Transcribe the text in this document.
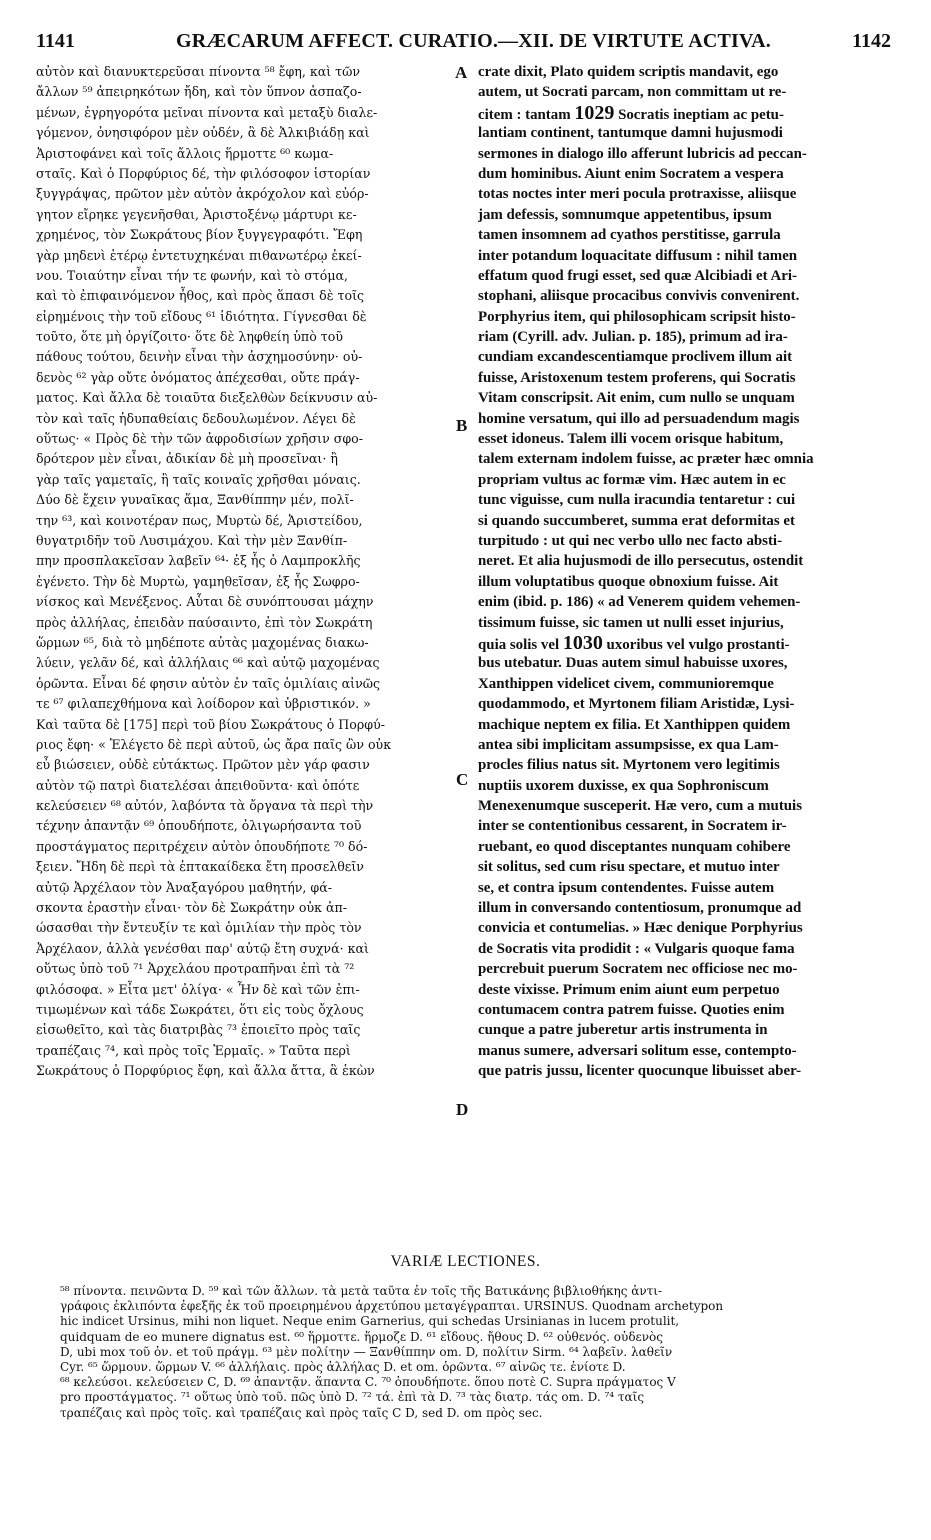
1141	GRÆCARUM AFFECT. CURATIO.—XII. DE VIRTUTE ACTIVA.	1142
αὐτὸν καὶ διανυκτερεῦσαι πίνοντα ⁵⁸ ἔφη, καὶ τῶν
ἄλλων ⁵⁹ ἀπειρηκότων ἤδη, καὶ τὸν ὕπνον ἀσπαζο-
μένων, ἐγρηγορότα μεῖναι πίνοντα καὶ μεταξὺ διαλε-
γόμενον, ὀνησιφόρον μὲν οὐδέν, ἃ δὲ Ἀλκιβιάδῃ καὶ
Ἀριστοφάνει καὶ τοῖς ἄλλοις ἥρμοττε ⁶⁰ κωμα-
σταῖς. Καὶ ὁ Πορφύριος δέ, τὴν φιλόσοφον ἱστορίαν
ξυγγράψας, πρῶτον μὲν αὐτὸν ἀκρόχολον καὶ εὐόρ-
γητον εἴρηκε γεγενῆσθαι, Ἀριστοξένῳ μάρτυρι κε-
χρημένος, τὸν Σωκράτους βίον ξυγγεγραφότι. Ἔφη
γὰρ μηδενὶ ἑτέρῳ ἐντετυχηκέναι πιθανωτέρῳ ἐκεί-
νου. Τοιαύτην εἶναι τήν τε φωνήν, καὶ τὸ στόμα,
καὶ τὸ ἐπιφαινόμενον ἦθος, καὶ πρὸς ἅπασι δὲ τοῖς
εἰρημένοις τὴν τοῦ εἴδους ⁶¹ ἰδιότητα. Γίγνεσθαι δὲ
τοῦτο, ὅτε μὴ ὀργίζοιτο· ὅτε δὲ ληφθείη ὑπὸ τοῦ
πάθους τούτου, δεινὴν εἶναι τὴν ἀσχημοσύνην· οὐ-
δενὸς ⁶² γὰρ οὔτε ὀνόματος ἀπέχεσθαι, οὔτε πράγ-
ματος. Καὶ ἄλλα δὲ τοιαῦτα διεξελθὼν δείκνυσιν αὐ-
τὸν καὶ ταῖς ἡδυπαθείαις δεδουλωμένον. Λέγει δὲ
οὕτως· « Πρὸς δὲ τὴν τῶν ἀφροδισίων χρῆσιν σφο-
δρότερον μὲν εἶναι, ἀδικίαν δὲ μὴ προσεῖναι· ἢ
γὰρ ταῖς γαμεταῖς, ἢ ταῖς κοιναῖς χρῆσθαι μόναις.
Δύο δὲ ἔχειν γυναῖκας ἅμα, Ξανθίππην μέν, πολῖ-
την ⁶³, καὶ κοινοτέραν πως, Μυρτὼ δέ, Ἀριστείδου,
θυγατριδῆν τοῦ Λυσιμάχου. Καὶ τὴν μὲν Ξανθίπ-
πην προσπλακεῖσαν λαβεῖν ⁶⁴· ἐξ ἧς ὁ Λαμπροκλῆς
ἐγένετο. Τὴν δὲ Μυρτὼ, γαμηθεῖσαν, ἐξ ἧς Σωφρο-
νίσκος καὶ Μενέξενος. Αὗται δὲ συνόπτουσαι μάχην
πρὸς ἀλλήλας, ἐπειδὰν παύσαιντο, ἐπὶ τὸν Σωκράτη
ὥρμων ⁶⁵, διὰ τὸ μηδέποτε αὐτὰς μαχομένας διακω-
λύειν, γελᾶν δέ, καὶ ἀλλήλαις ⁶⁶ καὶ αὐτῷ μαχομένας
ὁρῶντα. Εἶναι δέ φησιν αὐτὸν ἐν ταῖς ὁμιλίαις αἰνῶς
τε ⁶⁷ φιλαπεχθήμονα καὶ λοίδορον καὶ ὑβριστικόν. »
Καὶ ταῦτα δὲ [175] περὶ τοῦ βίου Σωκράτους ὁ Πορφύ-
ριος ἔφη· « Ἐλέγετο δὲ περὶ αὐτοῦ, ὡς ἄρα παῖς ὢν οὐκ
εὖ βιώσειεν, οὐδὲ εὐτάκτως. Πρῶτον μὲν γάρ φασιν
αὐτὸν τῷ πατρὶ διατελέσαι ἀπειθοῦντα· καὶ ὁπότε
κελεύσειεν ⁶⁸ αὐτόν, λαβόντα τὰ ὄργανα τὰ περὶ τὴν
τέχνην ἀπαντᾷν ⁶⁹ ὁπουδήποτε, ὀλιγωρήσαντα τοῦ
προστάγματος περιτρέχειν αὐτὸν ὁπουδήποτε ⁷⁰ δό-
ξειεν. Ἤδη δὲ περὶ τὰ ἑπτακαίδεκα ἔτη προσελθεῖν
αὐτῷ Ἀρχέλαον τὸν Ἀναξαγόρου μαθητήν, φά-
σκοντα ἐραστὴν εἶναι· τὸν δὲ Σωκράτην οὐκ ἀπ-
ώσασθαι τὴν ἔντευξίν τε καὶ ὁμιλίαν τὴν πρὸς τὸν
Ἀρχέλαον, ἀλλὰ γενέσθαι παρ' αὐτῷ ἔτη συχνά· καὶ
οὕτως ὑπὸ τοῦ ⁷¹ Ἀρχελάου προτραπῆναι ἐπὶ τὰ ⁷²
φιλόσοφα. » Εἶτα μετ' ὀλίγα· « Ἦν δὲ καὶ τῶν ἐπι-
τιμωμένων καὶ τάδε Σωκράτει, ὅτι εἰς τοὺς ὄχλους
εἰσωθεῖτο, καὶ τὰς διατριβὰς ⁷³ ἐποιεῖτο πρὸς ταῖς
τραπέζαις ⁷⁴, καὶ πρὸς τοῖς Ἑρμαῖς. » Ταῦτα περὶ
Σωκράτους ὁ Πορφύριος ἔφη, καὶ ἄλλα ἄττα, ἃ ἑκὼν
A
B
C
D
crate dixit, Plato quidem scriptis mandavit, ego
autem, ut Socrati parcam, non committam ut re-
citem : tantam 1029 Socratis ineptiam ac petu-
lantiam continent, tantumque damni hujusmodi
sermones in dialogo illo afferunt lubricis ad peccan-
dum hominibus. Aiunt enim Socratem a vespera
totas noctes inter meri pocula protraxisse, aliisque
jam defessis, somnumque appetentibus, ipsum
tamen insomnem ad cyathos perstitisse, garrula
inter potandum loquacitate diffusum : nihil tamen
effatum quod frugi esset, sed quæ Alcibiadi et Ari-
stophani, aliisque procacibus convivis convenirent.
Porphyrius item, qui philosophicam scripsit histo-
riam (Cyrill. adv. Julian. p. 185), primum ad ira-
cundiam excandescentiamque proclivem illum ait
fuisse, Aristoxenum testem proferens, qui Socratis
Vitam conscripsit. Ait enim, cum nullo se unquam
homine versatum, qui illo ad persuadendum magis
esset idoneus. Talem illi vocem orisque habitum,
talem externam indolem fuisse, ac præter hæc omnia
propriam vultus ac formæ vim. Hæc autem in ec
tunc viguisse, cum nulla iracundia tentaretur : cui
si quando succumberet, summa erat deformitas et
turpitudo : ut qui nec verbo ullo nec facto absti-
neret. Et alia hujusmodi de illo persecutus, ostendit
illum voluptatibus quoque obnoxium fuisse. Ait
enim (ibid. p. 186) « ad Venerem quidem vehemen-
tissimum fuisse, sic tamen ut nulli esset injurius,
quia solis vel 1030 uxoribus vel vulgo prostanti-
bus utebatur. Duas autem simul habuisse uxores,
Xanthippen videlicet civem, communioremque
quodammodo, et Myrtonem filiam Aristidæ, Lysi-
machique neptem ex filia. Et Xanthippen quidem
antea sibi implicitam assumpsisse, ex qua Lam-
procles filius natus sit. Myrtonem vero legitimis
nuptiis uxorem duxisse, ex qua Sophroniscum
Menexenumque susceperit. Hæ vero, cum a mutuis
inter se contentionibus cessarent, in Socratem ir-
ruebant, eo quod disceptantes nunquam cohibere
sit solitus, sed cum risu spectare, et mutuo inter
se, et contra ipsum contendentes. Fuisse autem
illum in conversando contentiosum, pronumque ad
convicia et contumelias. » Hæc denique Porphyrius
de Socratis vita prodidit : « Vulgaris quoque fama
percrebuit puerum Socratem nec officiose nec mo-
deste vixisse. Primum enim aiunt eum perpetuo
contumacem contra patrem fuisse. Quoties enim
cunque a patre juberetur artis instrumenta in
manus sumere, adversari solitum esse, contempto-
que patris jussu, licenter quocunque libuisset aber-
VARIÆ LECTIONES.
⁵⁸ πίνοντα. πεινῶντα D. ⁵⁹ καὶ τῶν ἄλλων. τὰ μετὰ ταῦτα ἐν τοῖς τῆς Βατικάνης βιβλιοθήκης ἀντι-
γράφοις ἐκλιπόντα ἐφεξῆς ἐκ τοῦ προειρημένου ἀρχετύπου μεταγέγραπται. URSINUS. Quodnam archetypon
hic indicet Ursinus, mihi non liquet. Neque enim Garnerius, qui schedas Ursinianas in lucem protulit,
quidquam de eo munere dignatus est. ⁶⁰ ἥρμοττε. ἥρμοζε D. ⁶¹ εἴδους. ἤθους D. ⁶² οὐθενός. οὐδενὸς
D, ubi mox τοῦ ὀν. et τοῦ πράγμ. ⁶³ μὲν πολίτην — Ξανθίππην om. D, πολίτιν Sirm. ⁶⁴ λαβεῖν. λαθεῖν
Cyr. ⁶⁵ ὥρμουν. ὥρμων V. ⁶⁶ ἀλλήλαις. πρὸς ἀλλήλας D. et om. ὁρῶντα. ⁶⁷ αἰνῶς τε. ἐνίοτε D.
⁶⁸ κελεύσοι. κελεύσειεν C, D. ⁶⁹ ἀπαντᾷν. ἅπαντα C. ⁷⁰ ὁπουδήποτε. ὅπου ποτὲ C. Supra πράγματος V
pro προστάγματος. ⁷¹ οὕτως ὑπὸ τοῦ. πῶς ὑπὸ D. ⁷² τά. ἐπὶ τὰ D. ⁷³ τὰς διατρ. τάς om. D. ⁷⁴ ταῖς
τραπέζαις καὶ πρὸς τοῖς. καὶ τραπέζαις καὶ πρὸς ταῖς C D, sed D. om πρὸς sec.
